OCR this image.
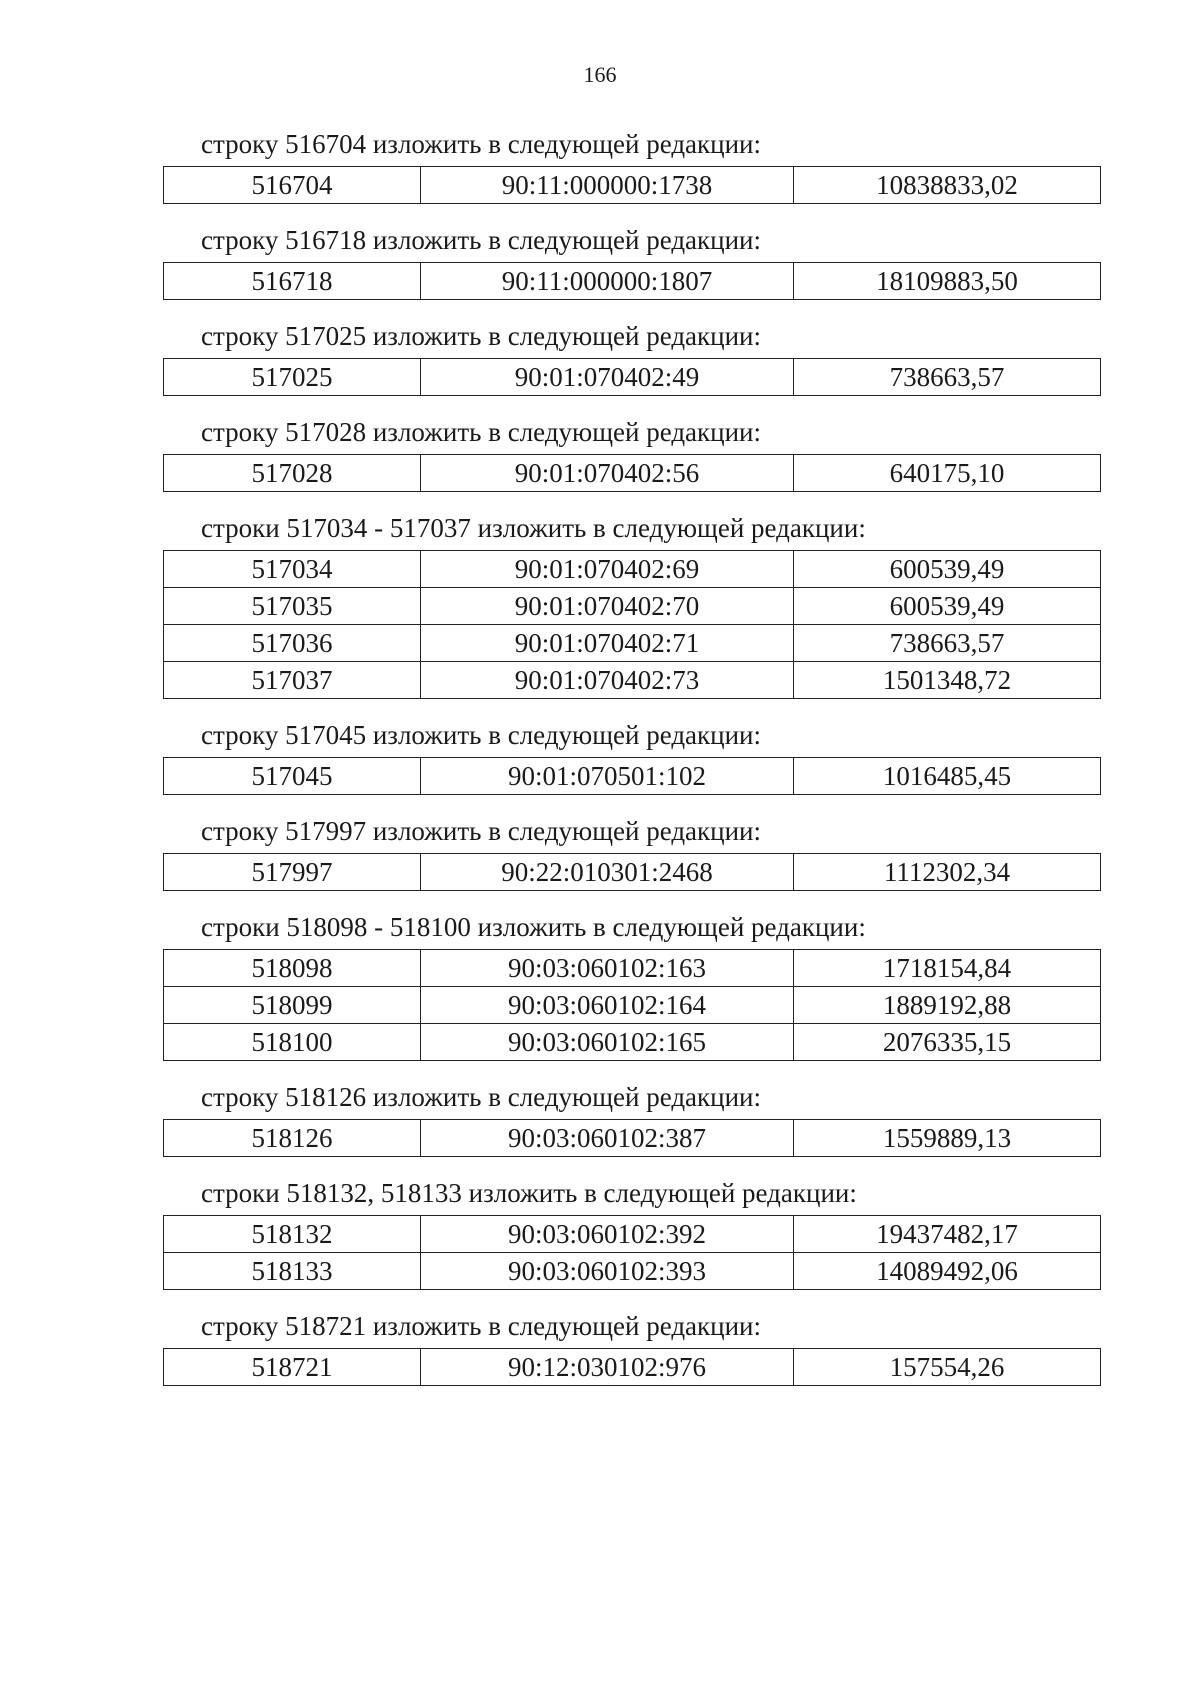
166

строку 516704 изложить в следующей редакции:

516704	90:11:000000:1738	10838833,02

строку 516718 изложить в следующей редакции:

516718	90:11:000000:1807	18109883,50

строку 517025 изложить в следующей редакции:

517025	90:01:070402:49	738663,57

строку 517028 изложить в следующей редакции:

517028	90:01:070402:56	640175,10

строки 517034 - 517037 изложить в следующей редакции:

517034	90:01:070402:69	600539,49
517035	90:01:070402:70	600539,49
517036	90:01:070402:71	738663,57
517037	90:01:070402:73	1501348,72

строку 517045 изложить в следующей редакции:

517045	90:01:070501:102	1016485,45

строку 517997 изложить в следующей редакции:

517997	90:22:010301:2468	1112302,34

строки 518098 - 518100 изложить в следующей редакции:

518098	90:03:060102:163	1718154,84
518099	90:03:060102:164	1889192,88
518100	90:03:060102:165	2076335,15

строку 518126 изложить в следующей редакции:

518126	90:03:060102:387	1559889,13

строки 518132, 518133 изложить в следующей редакции:

518132	90:03:060102:392	19437482,17
518133	90:03:060102:393	14089492,06

строку 518721 изложить в следующей редакции:

518721	90:12:030102:976	157554,26
